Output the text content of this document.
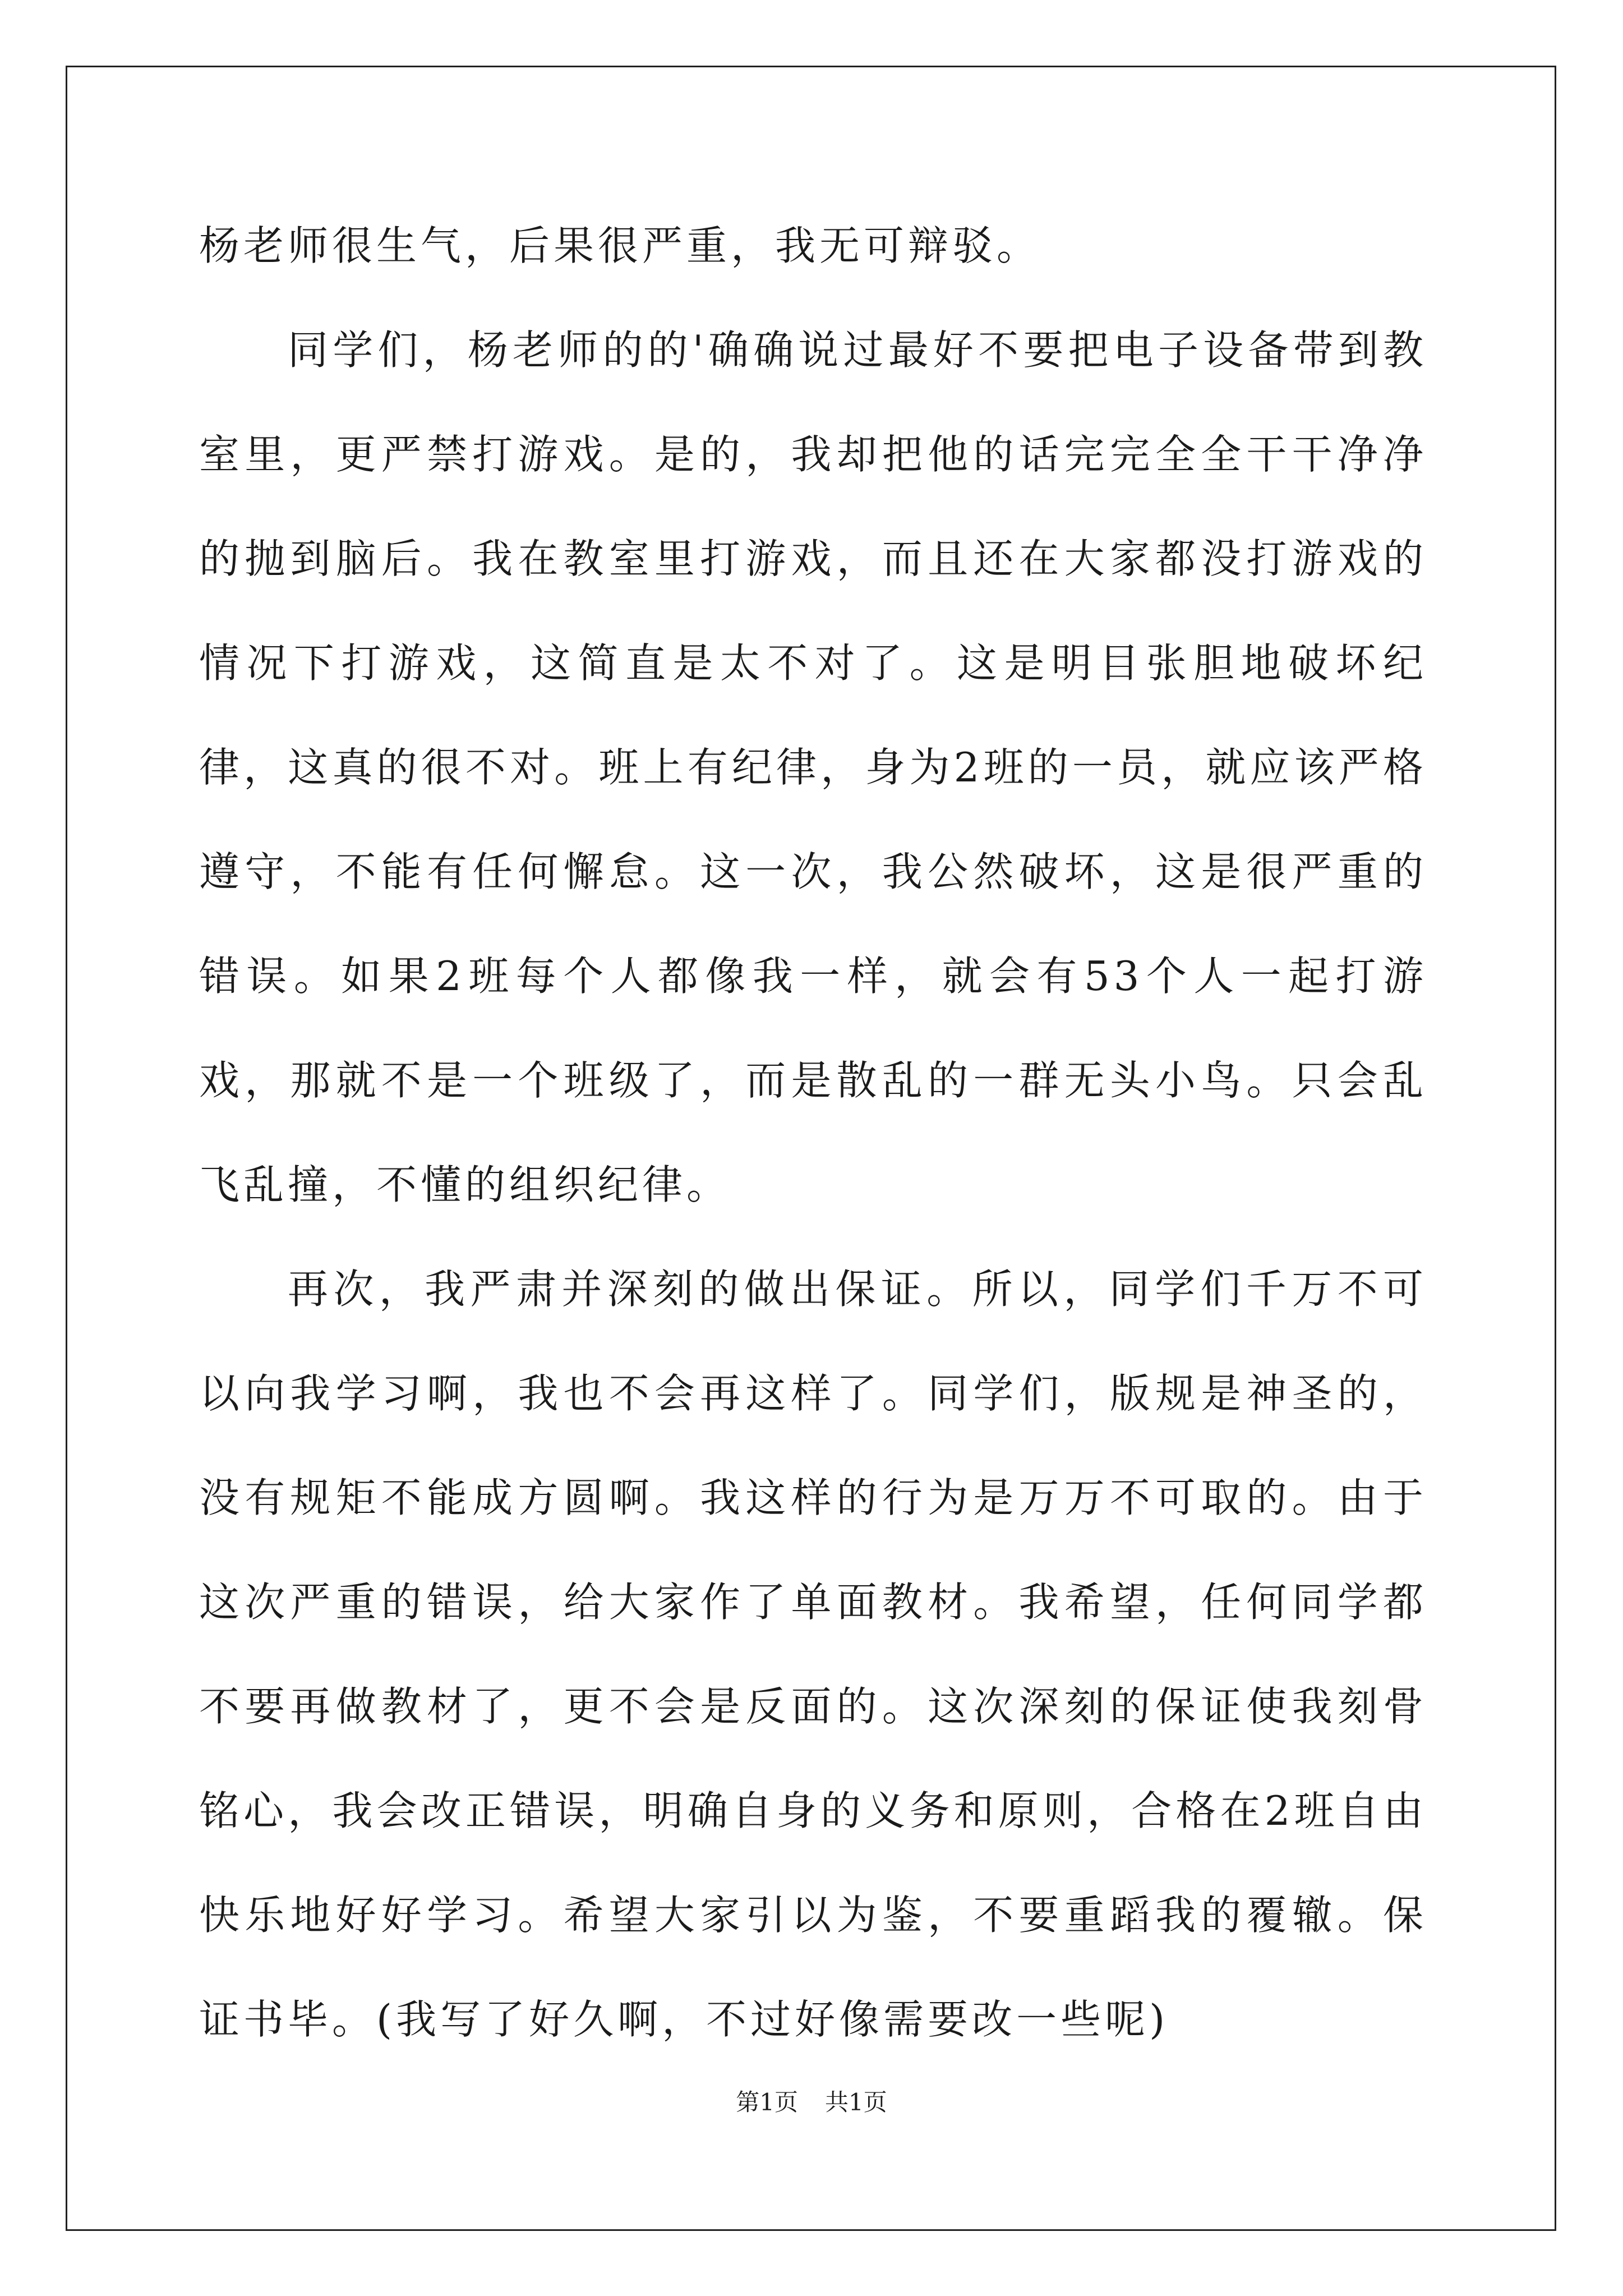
杨老师很生气，后果很严重，我无可辩驳。

同学们，杨老师的的'确确说过最好不要把电子设备带到教室里，更严禁打游戏。是的，我却把他的话完完全全干干净净的抛到脑后。我在教室里打游戏，而且还在大家都没打游戏的情况下打游戏，这简直是太不对了。这是明目张胆地破坏纪律，这真的很不对。班上有纪律，身为2班的一员，就应该严格遵守，不能有任何懈怠。这一次，我公然破坏，这是很严重的错误。如果2班每个人都像我一样，就会有53个人一起打游戏，那就不是一个班级了，而是散乱的一群无头小鸟。只会乱飞乱撞，不懂的组织纪律。

再次，我严肃并深刻的做出保证。所以，同学们千万不可以向我学习啊，我也不会再这样了。同学们，版规是神圣的，没有规矩不能成方圆啊。我这样的行为是万万不可取的。由于这次严重的错误，给大家作了单面教材。我希望，任何同学都不要再做教材了，更不会是反面的。这次深刻的保证使我刻骨铭心，我会改正错误，明确自身的义务和原则，合格在2班自由快乐地好好学习。希望大家引以为鉴，不要重蹈我的覆辙。保证书毕。(我写了好久啊，不过好像需要改一些呢)

第1页 共1页
